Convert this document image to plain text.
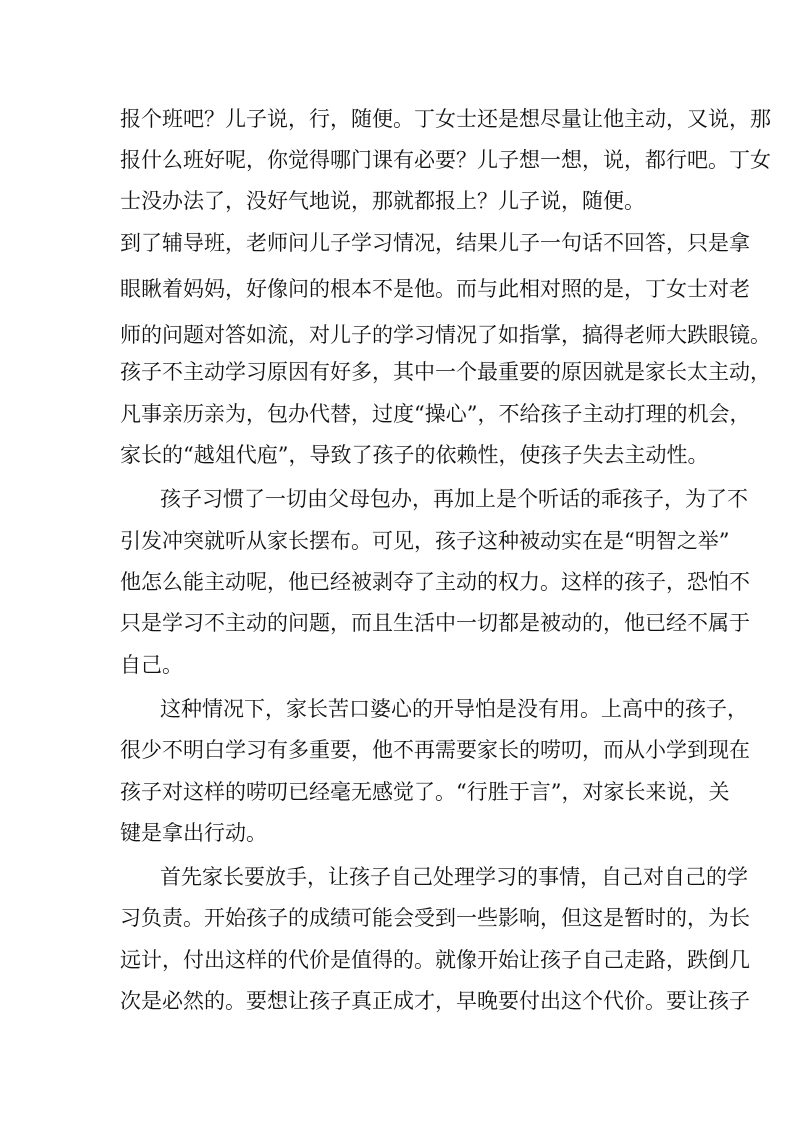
报个班吧？儿子说，行，随便。丁女士还是想尽量让他主动，又说，那
报什么班好呢，你觉得哪门课有必要？儿子想一想，说，都行吧。丁女
士没办法了，没好气地说，那就都报上？儿子说，随便。
到了辅导班，老师问儿子学习情况，结果儿子一句话不回答，只是拿
眼瞅着妈妈，好像问的根本不是他。而与此相对照的是，丁女士对老
师的问题对答如流，对儿子的学习情况了如指掌，搞得老师大跌眼镜。
孩子不主动学习原因有好多，其中一个最重要的原因就是家长太主动，
凡事亲历亲为，包办代替，过度“操心”，不给孩子主动打理的机会，
家长的“越俎代庖”，导致了孩子的依赖性，使孩子失去主动性。
孩子习惯了一切由父母包办，再加上是个听话的乖孩子，为了不
引发冲突就听从家长摆布。可见，孩子这种被动实在是“明智之举”
他怎么能主动呢，他已经被剥夺了主动的权力。这样的孩子，恐怕不
只是学习不主动的问题，而且生活中一切都是被动的，他已经不属于
自己。
这种情况下，家长苦口婆心的开导怕是没有用。上高中的孩子，
很少不明白学习有多重要，他不再需要家长的唠叨，而从小学到现在
孩子对这样的唠叨已经毫无感觉了。“行胜于言”，对家长来说，关
键是拿出行动。
首先家长要放手，让孩子自己处理学习的事情，自己对自己的学
习负责。开始孩子的成绩可能会受到一些影响，但这是暂时的，为长
远计，付出这样的代价是值得的。就像开始让孩子自己走路，跌倒几
次是必然的。要想让孩子真正成才，早晚要付出这个代价。要让孩子
